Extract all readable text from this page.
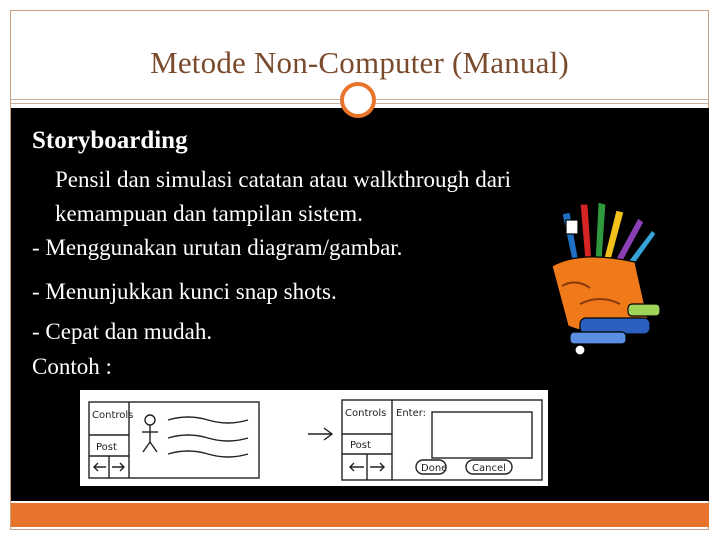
Metode Non-Computer (Manual)
Storyboarding
Pensil dan simulasi catatan atau walkthrough dari
kemampuan dan tampilan sistem.
- Menggunakan urutan diagram/gambar.
- Menunjukkan kunci snap shots.
- Cepat dan mudah.
Contoh :
Controls
Post
Controls Enter:
Post
Done Cancel
